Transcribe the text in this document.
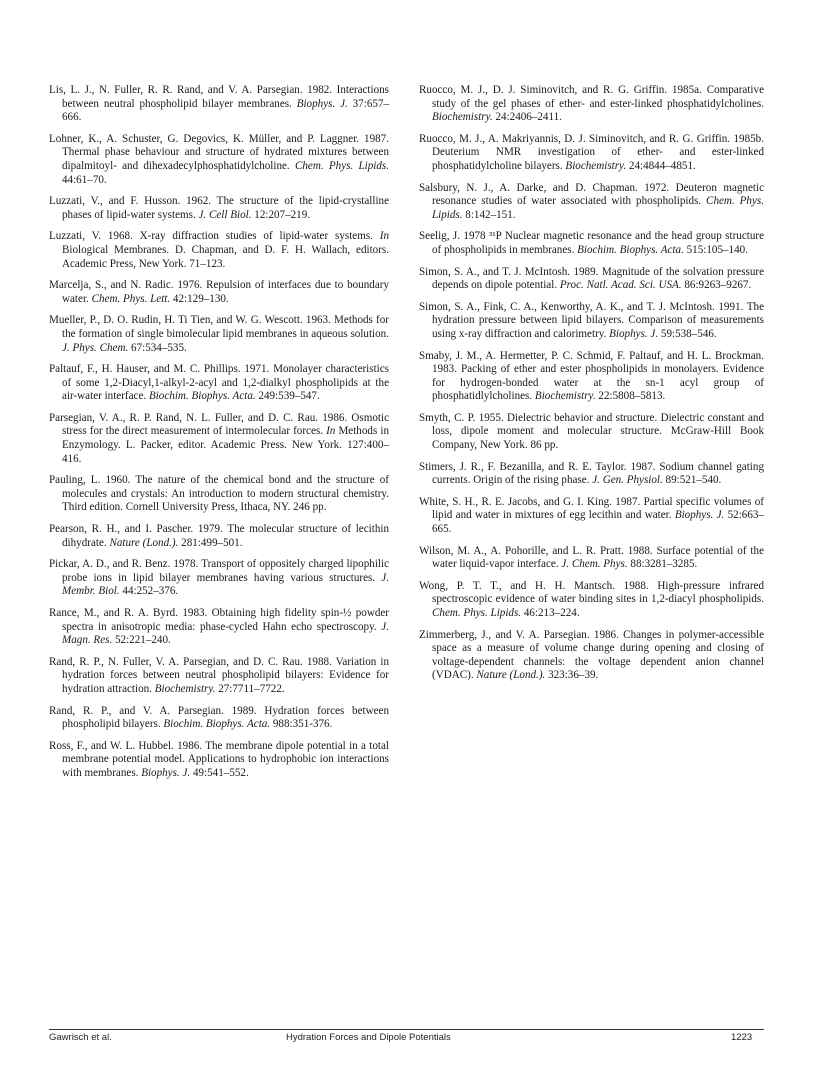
Lis, L. J., N. Fuller, R. R. Rand, and V. A. Parsegian. 1982. Interactions between neutral phospholipid bilayer membranes. Biophys. J. 37:657–666.

Lohner, K., A. Schuster, G. Degovics, K. Müller, and P. Laggner. 1987. Thermal phase behaviour and structure of hydrated mixtures between dipalmitoyl- and dihexadecylphosphatidylcholine. Chem. Phys. Lipids. 44:61–70.

Luzzati, V., and F. Husson. 1962. The structure of the lipid-crystalline phases of lipid-water systems. J. Cell Biol. 12:207–219.

Luzzati, V. 1968. X-ray diffraction studies of lipid-water systems. In Biological Membranes. D. Chapman, and D. F. H. Wallach, editors. Academic Press, New York. 71–123.

Marcelja, S., and N. Radic. 1976. Repulsion of interfaces due to boundary water. Chem. Phys. Lett. 42:129–130.

Mueller, P., D. O. Rudin, H. Ti Tien, and W. G. Wescott. 1963. Methods for the formation of single bimolecular lipid membranes in aqueous solution. J. Phys. Chem. 67:534–535.

Paltauf, F., H. Hauser, and M. C. Phillips. 1971. Monolayer characteristics of some 1,2-Diacyl,1-alkyl-2-acyl and 1,2-dialkyl phospholipids at the air-water interface. Biochim. Biophys. Acta. 249:539–547.

Parsegian, V. A., R. P. Rand, N. L. Fuller, and D. C. Rau. 1986. Osmotic stress for the direct measurement of intermolecular forces. In Methods in Enzymology. L. Packer, editor. Academic Press. New York. 127:400–416.

Pauling, L. 1960. The nature of the chemical bond and the structure of molecules and crystals: An introduction to modern structural chemistry. Third edition. Cornell University Press, Ithaca, NY. 246 pp.

Pearson, R. H., and I. Pascher. 1979. The molecular structure of lecithin dihydrate. Nature (Lond.). 281:499–501.

Pickar, A. D., and R. Benz. 1978. Transport of oppositely charged lipophilic probe ions in lipid bilayer membranes having various structures. J. Membr. Biol. 44:252–376.

Rance, M., and R. A. Byrd. 1983. Obtaining high fidelity spin-½ powder spectra in anisotropic media: phase-cycled Hahn echo spectroscopy. J. Magn. Res. 52:221–240.

Rand, R. P., N. Fuller, V. A. Parsegian, and D. C. Rau. 1988. Variation in hydration forces between neutral phospholipid bilayers: Evidence for hydration attraction. Biochemistry. 27:7711–7722.

Rand, R. P., and V. A. Parsegian. 1989. Hydration forces between phospholipid bilayers. Biochim. Biophys. Acta. 988:351-376.

Ross, F., and W. L. Hubbel. 1986. The membrane dipole potential in a total membrane potential model. Applications to hydrophobic ion interactions with membranes. Biophys. J. 49:541–552.

Ruocco, M. J., D. J. Siminovitch, and R. G. Griffin. 1985a. Comparative study of the gel phases of ether- and ester-linked phosphatidylcholines. Biochemistry. 24:2406–2411.

Ruocco, M. J., A. Makriyannis, D. J. Siminovitch, and R. G. Griffin. 1985b. Deuterium NMR investigation of ether- and ester-linked phosphatidylcholine bilayers. Biochemistry. 24:4844–4851.

Salsbury, N. J., A. Darke, and D. Chapman. 1972. Deuteron magnetic resonance studies of water associated with phospholipids. Chem. Phys. Lipids. 8:142–151.

Seelig, J. 1978 ³¹P Nuclear magnetic resonance and the head group structure of phospholipids in membranes. Biochim. Biophys. Acta. 515:105–140.

Simon, S. A., and T. J. McIntosh. 1989. Magnitude of the solvation pressure depends on dipole potential. Proc. Natl. Acad. Sci. USA. 86:9263–9267.

Simon, S. A., Fink, C. A., Kenworthy, A. K., and T. J. McIntosh. 1991. The hydration pressure between lipid bilayers. Comparison of measurements using x-ray diffraction and calorimetry. Biophys. J. 59:538–546.

Smaby, J. M., A. Hermetter, P. C. Schmid, F. Paltauf, and H. L. Brockman. 1983. Packing of ether and ester phospholipids in monolayers. Evidence for hydrogen-bonded water at the sn-1 acyl group of phosphatidlylcholines. Biochemistry. 22:5808–5813.

Smyth, C. P. 1955. Dielectric behavior and structure. Dielectric constant and loss, dipole moment and molecular structure. McGraw-Hill Book Company, New York. 86 pp.

Stimers, J. R., F. Bezanilla, and R. E. Taylor. 1987. Sodium channel gating currents. Origin of the rising phase. J. Gen. Physiol. 89:521–540.

White, S. H., R. E. Jacobs, and G. I. King. 1987. Partial specific volumes of lipid and water in mixtures of egg lecithin and water. Biophys. J. 52:663–665.

Wilson, M. A., A. Pohorille, and L. R. Pratt. 1988. Surface potential of the water liquid-vapor interface. J. Chem. Phys. 88:3281–3285.

Wong, P. T. T., and H. H. Mantsch. 1988. High-pressure infrared spectroscopic evidence of water binding sites in 1,2-diacyl phospholipids. Chem. Phys. Lipids. 46:213–224.

Zimmerberg, J., and V. A. Parsegian. 1986. Changes in polymer-accessible space as a measure of volume change during opening and closing of voltage-dependent channels: the voltage dependent anion channel (VDAC). Nature (Lond.). 323:36–39.

Gawrisch et al.	Hydration Forces and Dipole Potentials	1223
